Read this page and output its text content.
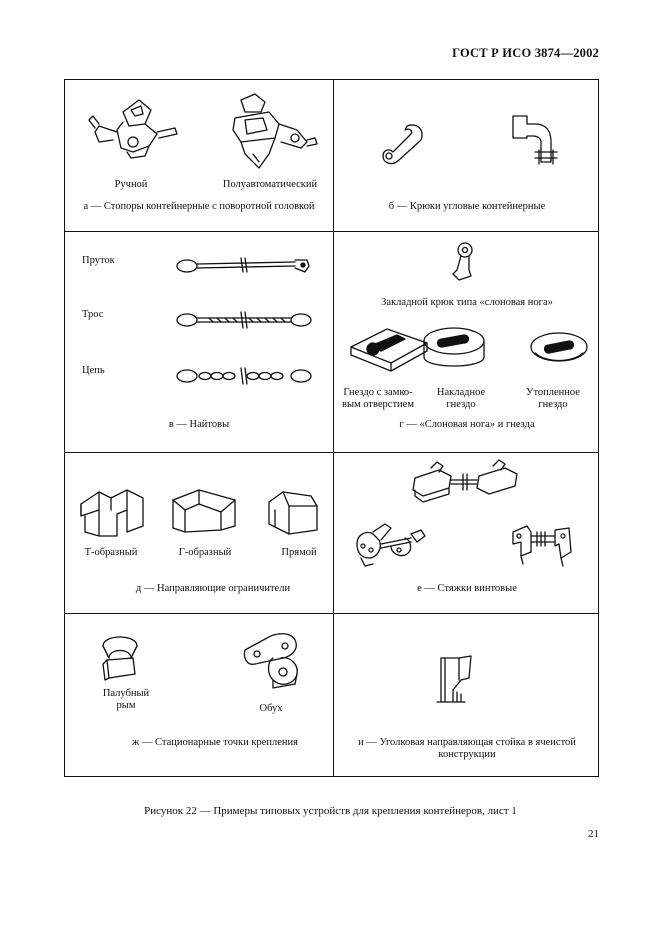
ГОСТ Р ИСО 3874—2002
Ручной	Полуавтоматический
а — Стопоры контейнерные с поворотной головкой	б — Крюки угловые контейнерные
Пруток
Трос
Цепь
в — Найтовы
Закладной крюк типа «слоновая нога»
Гнездо с замко-
вым отверстием
Накладное
гнездо
Утопленное
гнездо
г — «Слоновая нога» и гнезда
Т-образный	Г-образный	Прямой
д — Направляющие ограничители	е — Стяжки винтовые
Палубный
рым	Обух
ж — Стационарные точки крепления	и — Уголковая направляющая стойка в ячеистой
конструкции
Рисунок 22 — Примеры типовых устройств для крепления контейнеров, лист 1
21
